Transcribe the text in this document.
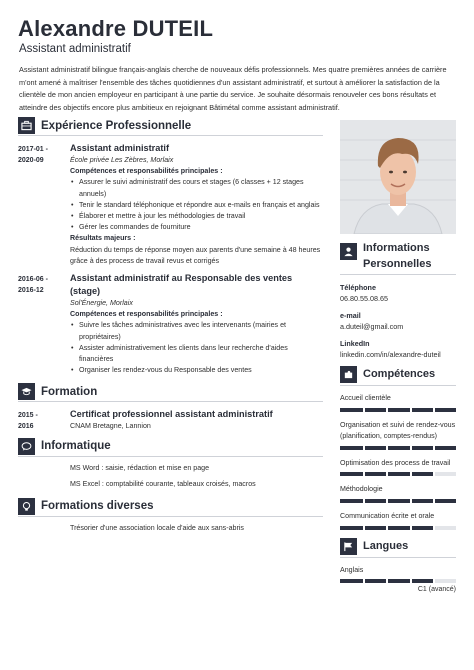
Alexandre DUTEIL
Assistant administratif
Assistant administratif bilingue français-anglais cherche de nouveaux défis professionnels. Mes quatre premières années de carrière m'ont amené à maîtriser l'ensemble des tâches quotidiennes d'un assistant administratif, et surtout à améliorer la satisfaction de la clientèle de mon ancien employeur en participant à une partie du service. Je souhaite désormais renouveler ces bons résultats et atteindre des objectifs encore plus ambitieux en rejoignant Bâtimétal comme assistant administratif.
Expérience Professionnelle
2017-01 -
2020-09
Assistant administratif
École privée Les Zèbres, Morlaix
Compétences et responsabilités principales :
• Assurer le suivi administratif des cours et stages (6 classes + 12 stages annuels)
• Tenir le standard téléphonique et répondre aux e-mails en français et anglais
• Élaborer et mettre à jour les méthodologies de travail
• Gérer les commandes de fourniture
Résultats majeurs :
Réduction du temps de réponse moyen aux parents d'une semaine à 48 heures grâce à des process de travail revus et corrigés
2016-06 -
2016-12
Assistant administratif au Responsable des ventes (stage)
Sol'Énergie, Morlaix
Compétences et responsabilités principales :
• Suivre les tâches administratives avec les intervenants (mairies et propriétaires)
• Assister administrativement les clients dans leur recherche d'aides financières
• Organiser les rendez-vous du Responsable des ventes
Formation
2015 -
2016
Certificat professionnel assistant administratif
CNAM Bretagne, Lannion
Informatique
MS Word : saisie, rédaction et mise en page
MS Excel : comptabilité courante, tableaux croisés, macros
Formations diverses
Trésorier d'une association locale d'aide aux sans-abris
Informations Personnelles
Téléphone
06.80.55.08.65
e-mail
a.duteil@gmail.com
LinkedIn
linkedin.com/in/alexandre-duteil
Compétences
Accueil clientèle
Organisation et suivi de rendez-vous (planification, comptes-rendus)
Optimisation des process de travail
Méthodologie
Communication écrite et orale
Langues
Anglais
C1 (avancé)
